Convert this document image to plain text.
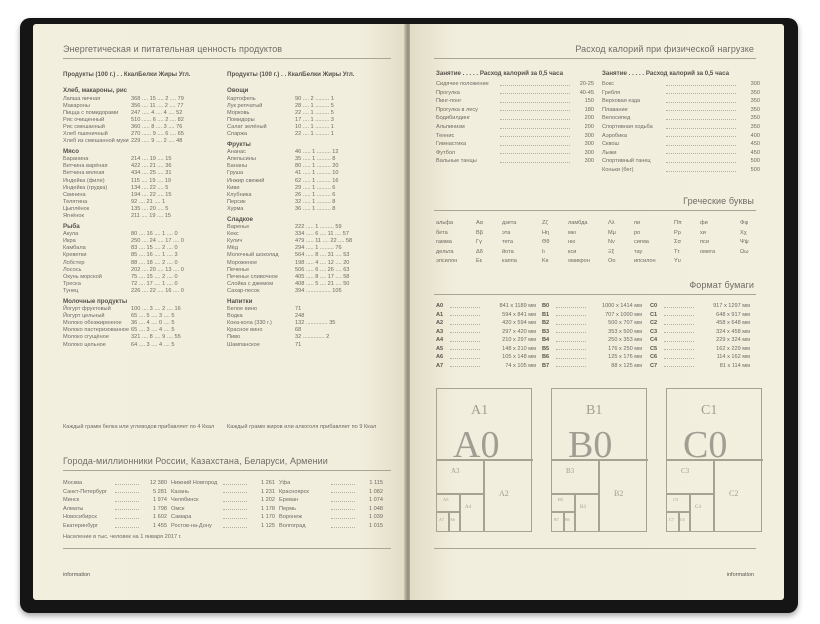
Энергетическая и питательная ценность продуктов
Продукты (100 г.) . . КкалБелки Жиры Угл.	Продукты (100 г.) . . КкалБелки Жиры Угл.
Хлеб, макароны, рис
Лапша яичная	368 .... 15 .... 2 .... 79
Макароны	356 .... 11 .... 2 .... 77
Пицца с помидорами 247 ..... 4 .... 4 .... 52
Рис очищенный	510 ...... 6 .... 2 .... 82
Рис смешанный	360 ..... 8 .... 3 .... 76
Хлеб пшеничный	270 ...... 9 .... 6 .... 65
Хлеб из смешанной муки 229 ..... 9 .... 2 .... 48
Мясо
Баранина	214 .... 19 .... 15
Ветчина варёная	422 .... 21 .... 36
Ветчина вялеая	434 .... 25 .... 31
Индейка (филе)	115 .... 19 .... 19
Индейка (грудка)	134 .... 22 .... 5
Свинина	194 .... 22 .... 15
Телятина	92 .... 21 .... 1
Цыплёнок	135 .... 20 .... 5
Ягнёнок	211 .... 19 .... 15
Рыба
Акула	80 .... 16 .... 1 .... 0
Икра	250 .... 24 .... 17 .... 0
Камбала	83 .... 15 .... 2 .... 0
Креветки	85 .... 16 .... 1 .... 3
Лобстер	88 .... 18 .... 2 .... 0
Лосось	202 .... 20 .... 13 .... 0
Окунь морской	75 .... 15 .... 2 .... 0
Треска	72 .... 17 .... 1 .... 0
Тунец	226 .... 22 .... 16 .... 0
Молочные продукты
Йогурт фруктовый	100 .... 3 .... 2 .... 16
Йогурт цельный	65 .... 5 .... 3 .... 5
Молоко обезжиренное 36 .... 4 .... 0 .... 5
Молоко пастеризованное 65 .... 3 .... 4 .... 5
Молоко сгущёное	321 .... 8 .... 9 .... 55
Молоко цельное	64 .... 3 .... 4 .... 5
Овощи
Картофель	90 .... 2 ......... 1
Лук репчатый	28 .... 1 ......... 5
Морковь	22 .... 1 ......... 5
Помидоры	17 .... 1 ......... 3
Салат зелёный	10 .... 1 ......... 1
Спаржа	22 .... 1 ......... 1
Фрукты
Ананас	46 ..... 1 ......... 12
Апельсины	35 ..... 1 ......... 8
Бананы	80 ..... 1 ......... 20
Груша	41 ..... 1 ......... 10
Инжир свежий	62 ..... 1 ......... 16
Киви	29 ..... 1 ......... 6
Клубника	26 ..... 1 ......... 6
Персик	32 ..... 1 ......... 8
Хурма	36 ..... 1 ......... 8
Сладкое
Варенье	222 ..... 1 ......... 59
Кекс	334 ..... 6 .... 11 .... 57
Кулич	479 ..... 11 .... 22 .... 58
Мёд	294 ..... 1 ......... 76
Молочный шоколад	564 ..... 8 .... 31 .... 53
Мороженое	198 ..... 4 .... 12 .... 20
Печенье	506 ..... 6 .... 26 .... 63
Печенье сливочное	405 ..... 8 .... 17 .... 58
Слойка с джемом	408 ..... 5 .... 21 .... 50
Сахар-песок	394 ................ 105
Напитки
Белое вино	71
Водка	248
Кока-кола (330 г.)	132 .............. 35
Красное вино	68
Пиво	32 .............. 2
Шампанское	71
Каждый грамм белка или углеводов прибавляет по 4 Ккал	Каждый грамм жиров или алкоголя прибавляет по 9 Ккал
Города-миллионники России, Казахстана, Беларуси, Армении
Москва	12 380 Нижний Новгород	1 261 Уфа	1 115
Санкт-Петербург	5 281 Казань	1 231 Красноярск	1 082
Минск	1 974 Челябинск	1 202 Ереван	1 074
Алматы	1 798 Омск	1 178 Пермь	1 048
Новосибирск	1 602 Самара	1 170 Воронеж	1 039
Екатеринбург	1 455 Ростов-на-Дону	1 125 Волгоград	1 015
Население в тыс. человек на 1 января 2017 г.
information
Расход калорий при физической нагрузке
Занятие . . . . . Расход калорий за 0,5 часа	Занятие . . . . . Расход калорий за 0,5 часа
Сидячее положение	20-25
Прогулка	40-45
Пинг-понг	150
Прогулка в лесу	180
Бодибилдинг	200
Альпинизм	200
Теннис	300
Гимнастика	300
Футбол	300
Вальные танцы	300
Бокс	300
Гребля	350
Верховая езда	350
Плавание	350
Велосипед	350
Спортивная ходьба	350
Аэробика	400
Сквош	450
Лыжи	450
Спортивный танец	500
Коньки (бег)	500
Греческие буквы
альфа	Αα	дзета	Ζζ	ламбда	Λλ	пи	Ππ	фи	Φφ
бета	Ββ	эта	Ηη	мю	Μμ	ро	Ρρ	хи	Χχ
гамма	Γγ	тета	Θθ	ню	Νν	сигма	Σσ	пси	Ψψ
дельта	Δδ	йота	Ιι	кси	Ξξ	тау	Ττ	омега	Ωω
эпсилон	Εε	каппа	Κκ	омикрон	Οο	ипсилон	Υυ
Формат бумаги
A0	841 x 1189 мм
A1	594 x 841 мм
A2	420 x 594 мм
A3	297 x 420 мм
A4	210 x 297 мм
A5	148 x 210 мм
A6	105 x 148 мм
A7	74 x 105 мм
B0	1000 x 1414 мм
B1	707 x 1000 мм
B2	500 x 707 мм
B3	353 x 500 мм
B4	250 x 353 мм
B5	176 x 250 мм
B6	125 x 176 мм
B7	88 x 125 мм
C0	917 x 1297 мм
C1	648 x 917 мм
C2	458 x 648 мм
C3	324 x 458 мм
C4	229 x 324 мм
C5	162 x 229 мм
C6	114 x 162 мм
C7	81 x 114 мм
A1
A0
A2
A3
A4
A5
A6
A7
B1
B0
B2
B3
B4
B5
B6
B7
C1
C0
C2
C3
C4
C5
C6
C7
information
